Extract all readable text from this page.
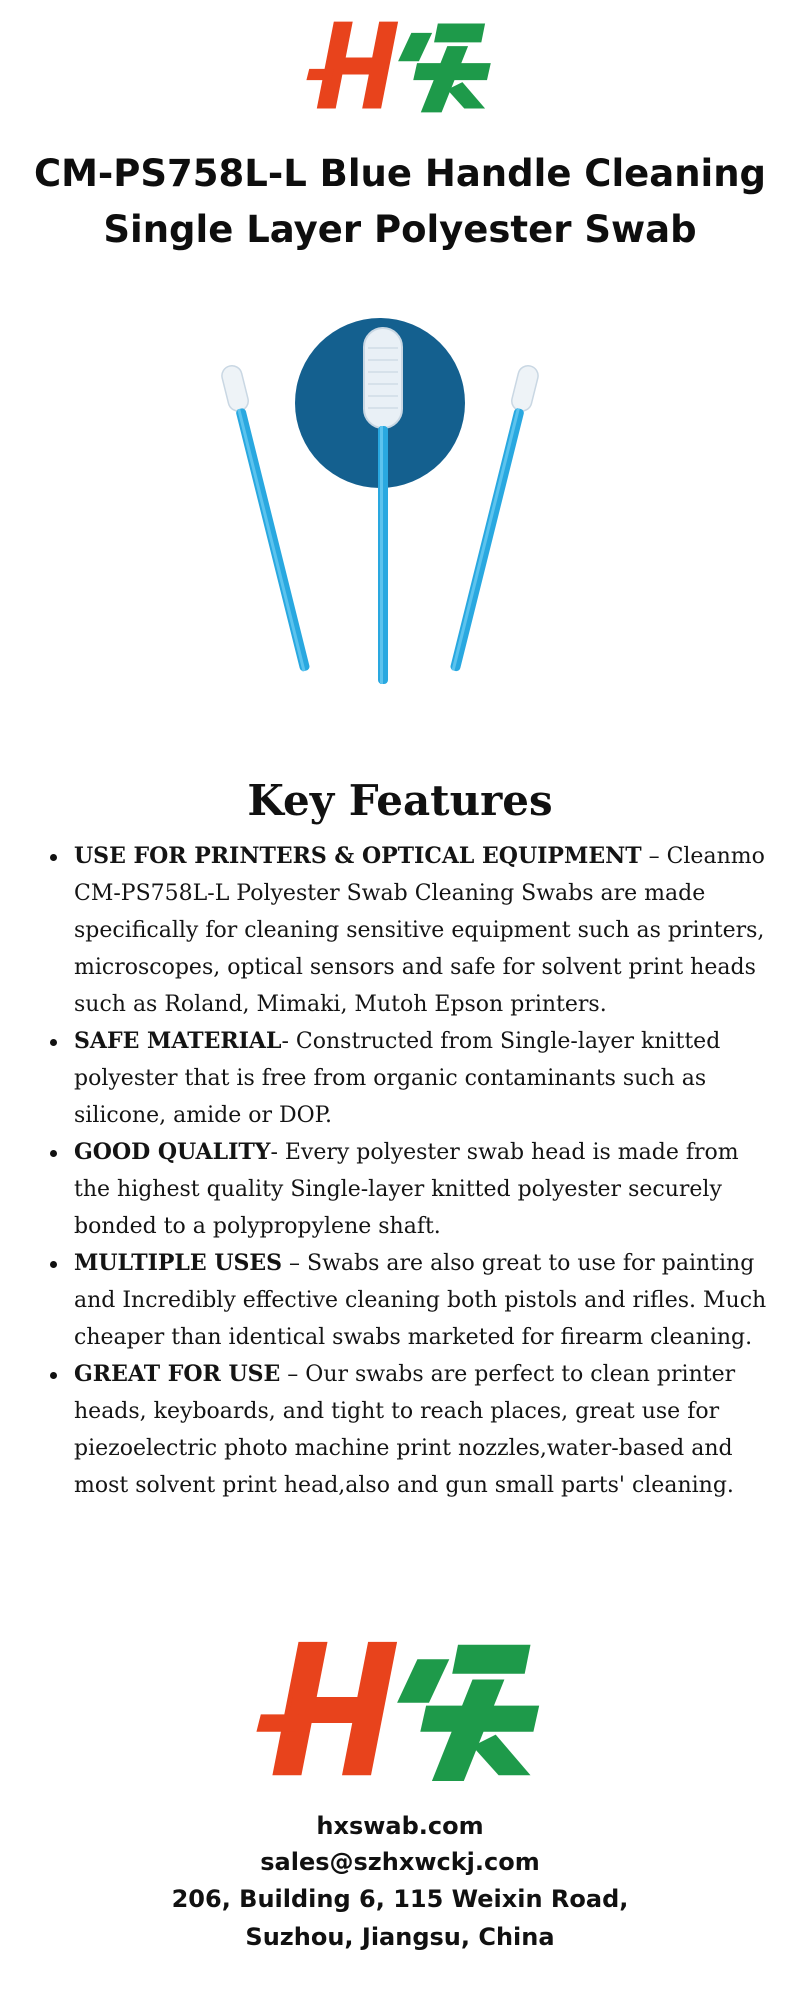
CM-PS758L-L Blue Handle Cleaning
Single Layer Polyester Swab
Key Features
USE FOR PRINTERS & OPTICAL EQUIPMENT – Cleanmo CM-PS758L-L Polyester Swab Cleaning Swabs are made specifically for cleaning sensitive equipment such as printers, microscopes, optical sensors and safe for solvent print heads such as Roland, Mimaki, Mutoh Epson printers.
SAFE MATERIAL- Constructed from Single-layer knitted polyester that is free from organic contaminants such as silicone, amide or DOP.
GOOD QUALITY- Every polyester swab head is made from the highest quality Single-layer knitted polyester securely bonded to a polypropylene shaft.
MULTIPLE USES – Swabs are also great to use for painting and Incredibly effective cleaning both pistols and rifles. Much cheaper than identical swabs marketed for firearm cleaning.
GREAT FOR USE – Our swabs are perfect to clean printer heads, keyboards, and tight to reach places, great use for piezoelectric photo machine print nozzles,water-based and most solvent print head,also and gun small parts' cleaning.
hxswab.com
sales@szhxwckj.com
206, Building 6, 115 Weixin Road,
Suzhou, Jiangsu, China
